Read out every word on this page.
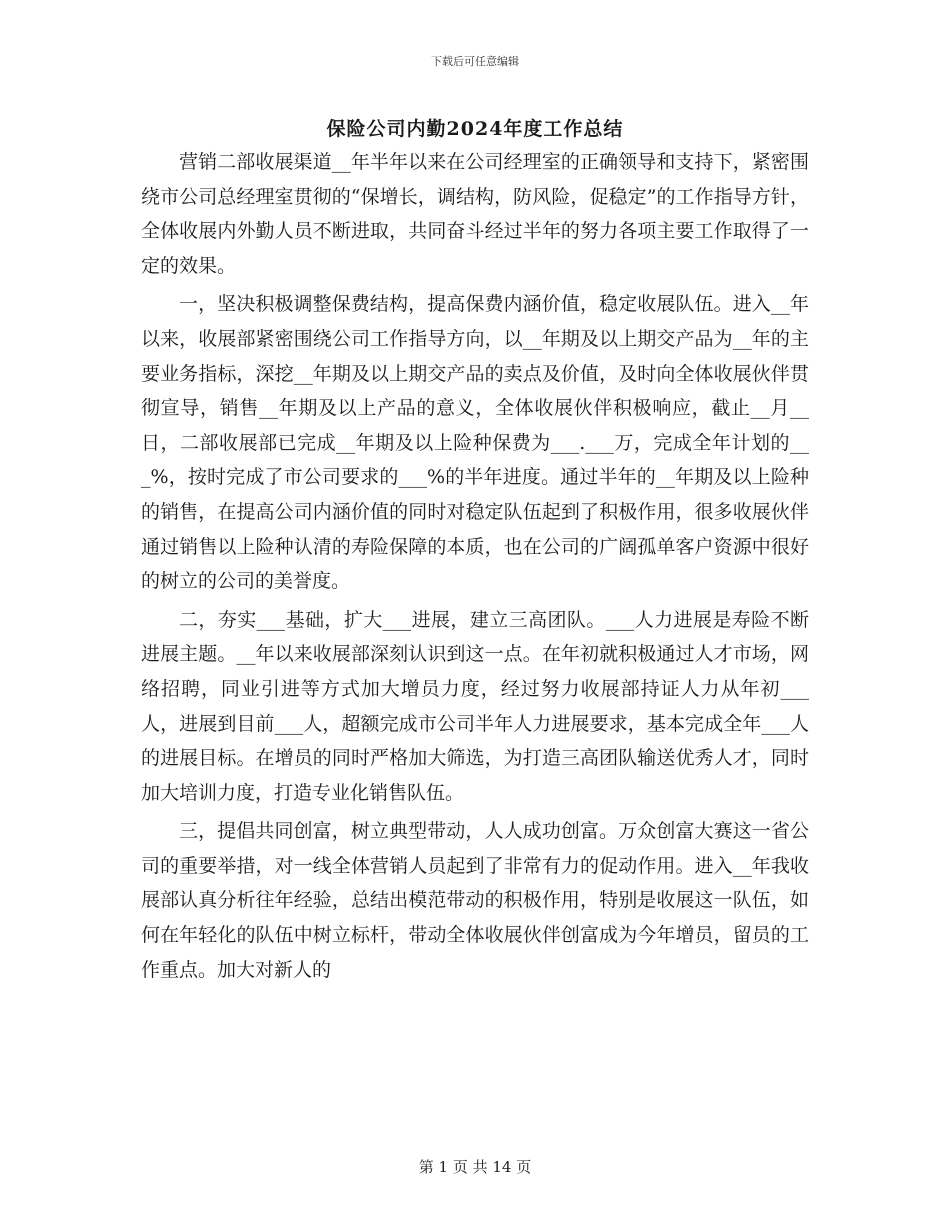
下载后可任意编辑
保险公司内勤2024年度工作总结

营销二部收展渠道__年半年以来在公司经理室的正确领导和支持下，紧密围绕市公司总经理室贯彻的“保增长，调结构，防风险，促稳定”的工作指导方针，全体收展内外勤人员不断进取，共同奋斗经过半年的努力各项主要工作取得了一定的效果。

一，坚决积极调整保费结构，提高保费内涵价值，稳定收展队伍。进入__年以来，收展部紧密围绕公司工作指导方向，以__年期及以上期交产品为__年的主要业务指标，深挖__年期及以上期交产品的卖点及价值，及时向全体收展伙伴贯彻宣导，销售__年期及以上产品的意义，全体收展伙伴积极响应，截止__月__日，二部收展部已完成__年期及以上险种保费为___.___万，完成全年计划的___%，按时完成了市公司要求的___%的半年进度。通过半年的__年期及以上险种的销售，在提高公司内涵价值的同时对稳定队伍起到了积极作用，很多收展伙伴通过销售以上险种认清的寿险保障的本质，也在公司的广阔孤单客户资源中很好的树立的公司的美誉度。

二，夯实___基础，扩大___进展，建立三高团队。___人力进展是寿险不断进展主题。__年以来收展部深刻认识到这一点。在年初就积极通过人才市场，网络招聘，同业引进等方式加大增员力度，经过努力收展部持证人力从年初___人，进展到目前___人，超额完成市公司半年人力进展要求，基本完成全年___人的进展目标。在增员的同时严格加大筛选，为打造三高团队输送优秀人才，同时加大培训力度，打造专业化销售队伍。

三，提倡共同创富，树立典型带动，人人成功创富。万众创富大赛这一省公司的重要举措，对一线全体营销人员起到了非常有力的促动作用。进入__年我收展部认真分析往年经验，总结出模范带动的积极作用，特别是收展这一队伍，如何在年轻化的队伍中树立标杆，带动全体收展伙伴创富成为今年增员，留员的工作重点。加大对新人的

第 1 页 共 14 页
